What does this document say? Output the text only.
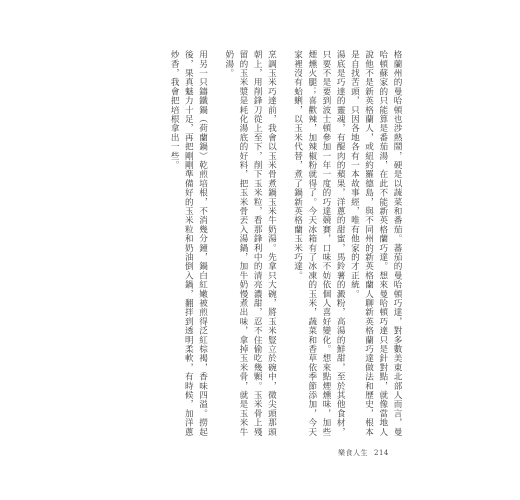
格蘭州的曼哈頓也涉熱鬧，硬是以蔬菜和番茄。蕃茄的曼哈頓巧達，對多數美東北部人而言，曼哈頓蘇家的只能算是番茄湯，在此不能新英格蘭巧達。想來曼哈頓巧達只是針對點，就像當地人說他不是新英格蘭人，或紐約羅德島，與不同州的新英格蘭人聊新英格蘭巧達做法和歷史，根本是自找苦頭，只因各地各有一本故事經，唯有他家的才正統。

湯底是巧達的靈魂，有醍肉的蘋果，洋蔥的甜蜜，馬鈴薯的澱粉，高湯的鮮甜，至於其他食材，只要不是要到波士頓參加一年一度的巧達競賽，口味不妨依個人喜好變化。想來點煙燻味，加些煙燻火腿；喜歡辣，加辣椒粉就得了。今天冰箱有了冰凍的玉米，蔬菜和香草依季節添加，今天家裡沒有蛤蜊，以玉米代替，煮了鍋新英格蘭玉米巧達。

烹調玉米巧達前，我會以玉米骨煮鍋玉米牛奶湯。先拿只大碗，將玉米豎立於碗中，微尖頭那頭朝上，用削鋒刀從上至下，削下玉米粒，看那鋒利中的清亮濃甜，忍不住偷吃幾顆。玉米骨上殘留的玉米漿是耗化湯底的好料，把玉米骨丟入湯鍋，加牛奶慢煮出味，拿掉玉米骨，就是玉米牛奶湯。

用另一只鑄鐵鍋（荷蘭鍋）乾煎培根，不消幾分鐘，鍋白紅嫩被煎得泛紅棕褐，香味四溢。撈起後，果真魅力十足，再把剛剛準備好的玉米粒和奶油倒入鍋，翻拌到透明柔軟，有時候，加洋蔥炒香，我會把培根拿出一些。

樂食人生 214
